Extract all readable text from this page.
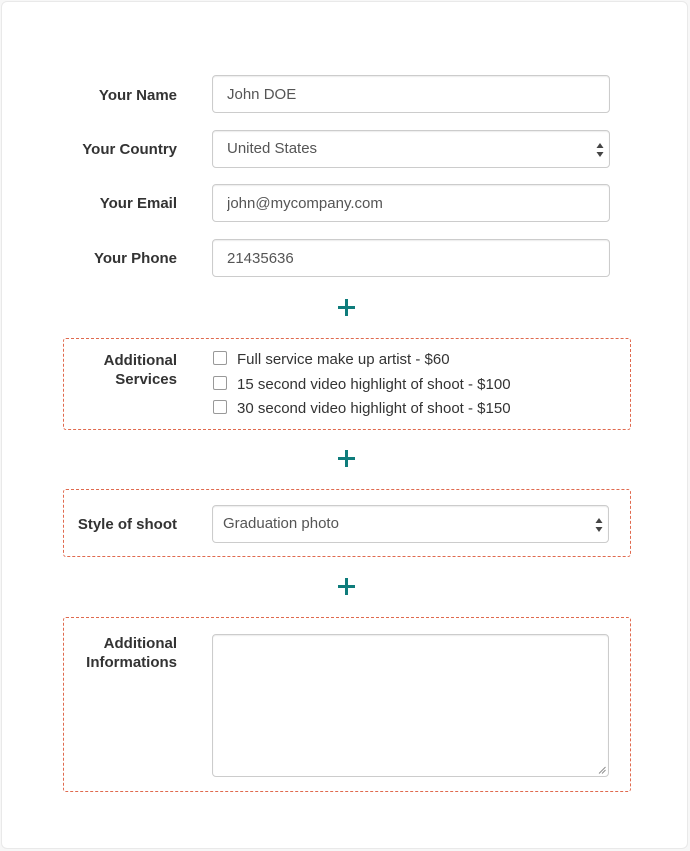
Your Name
John DOE
Your Country	United States
Your Email
john@mycompany.com
Your Phone
21435636
Additional
Services
Full service make up artist - $60
15 second video highlight of shoot - $100
30 second video highlight of shoot - $150
Style of shoot	Graduation photo
Additional
Informations
